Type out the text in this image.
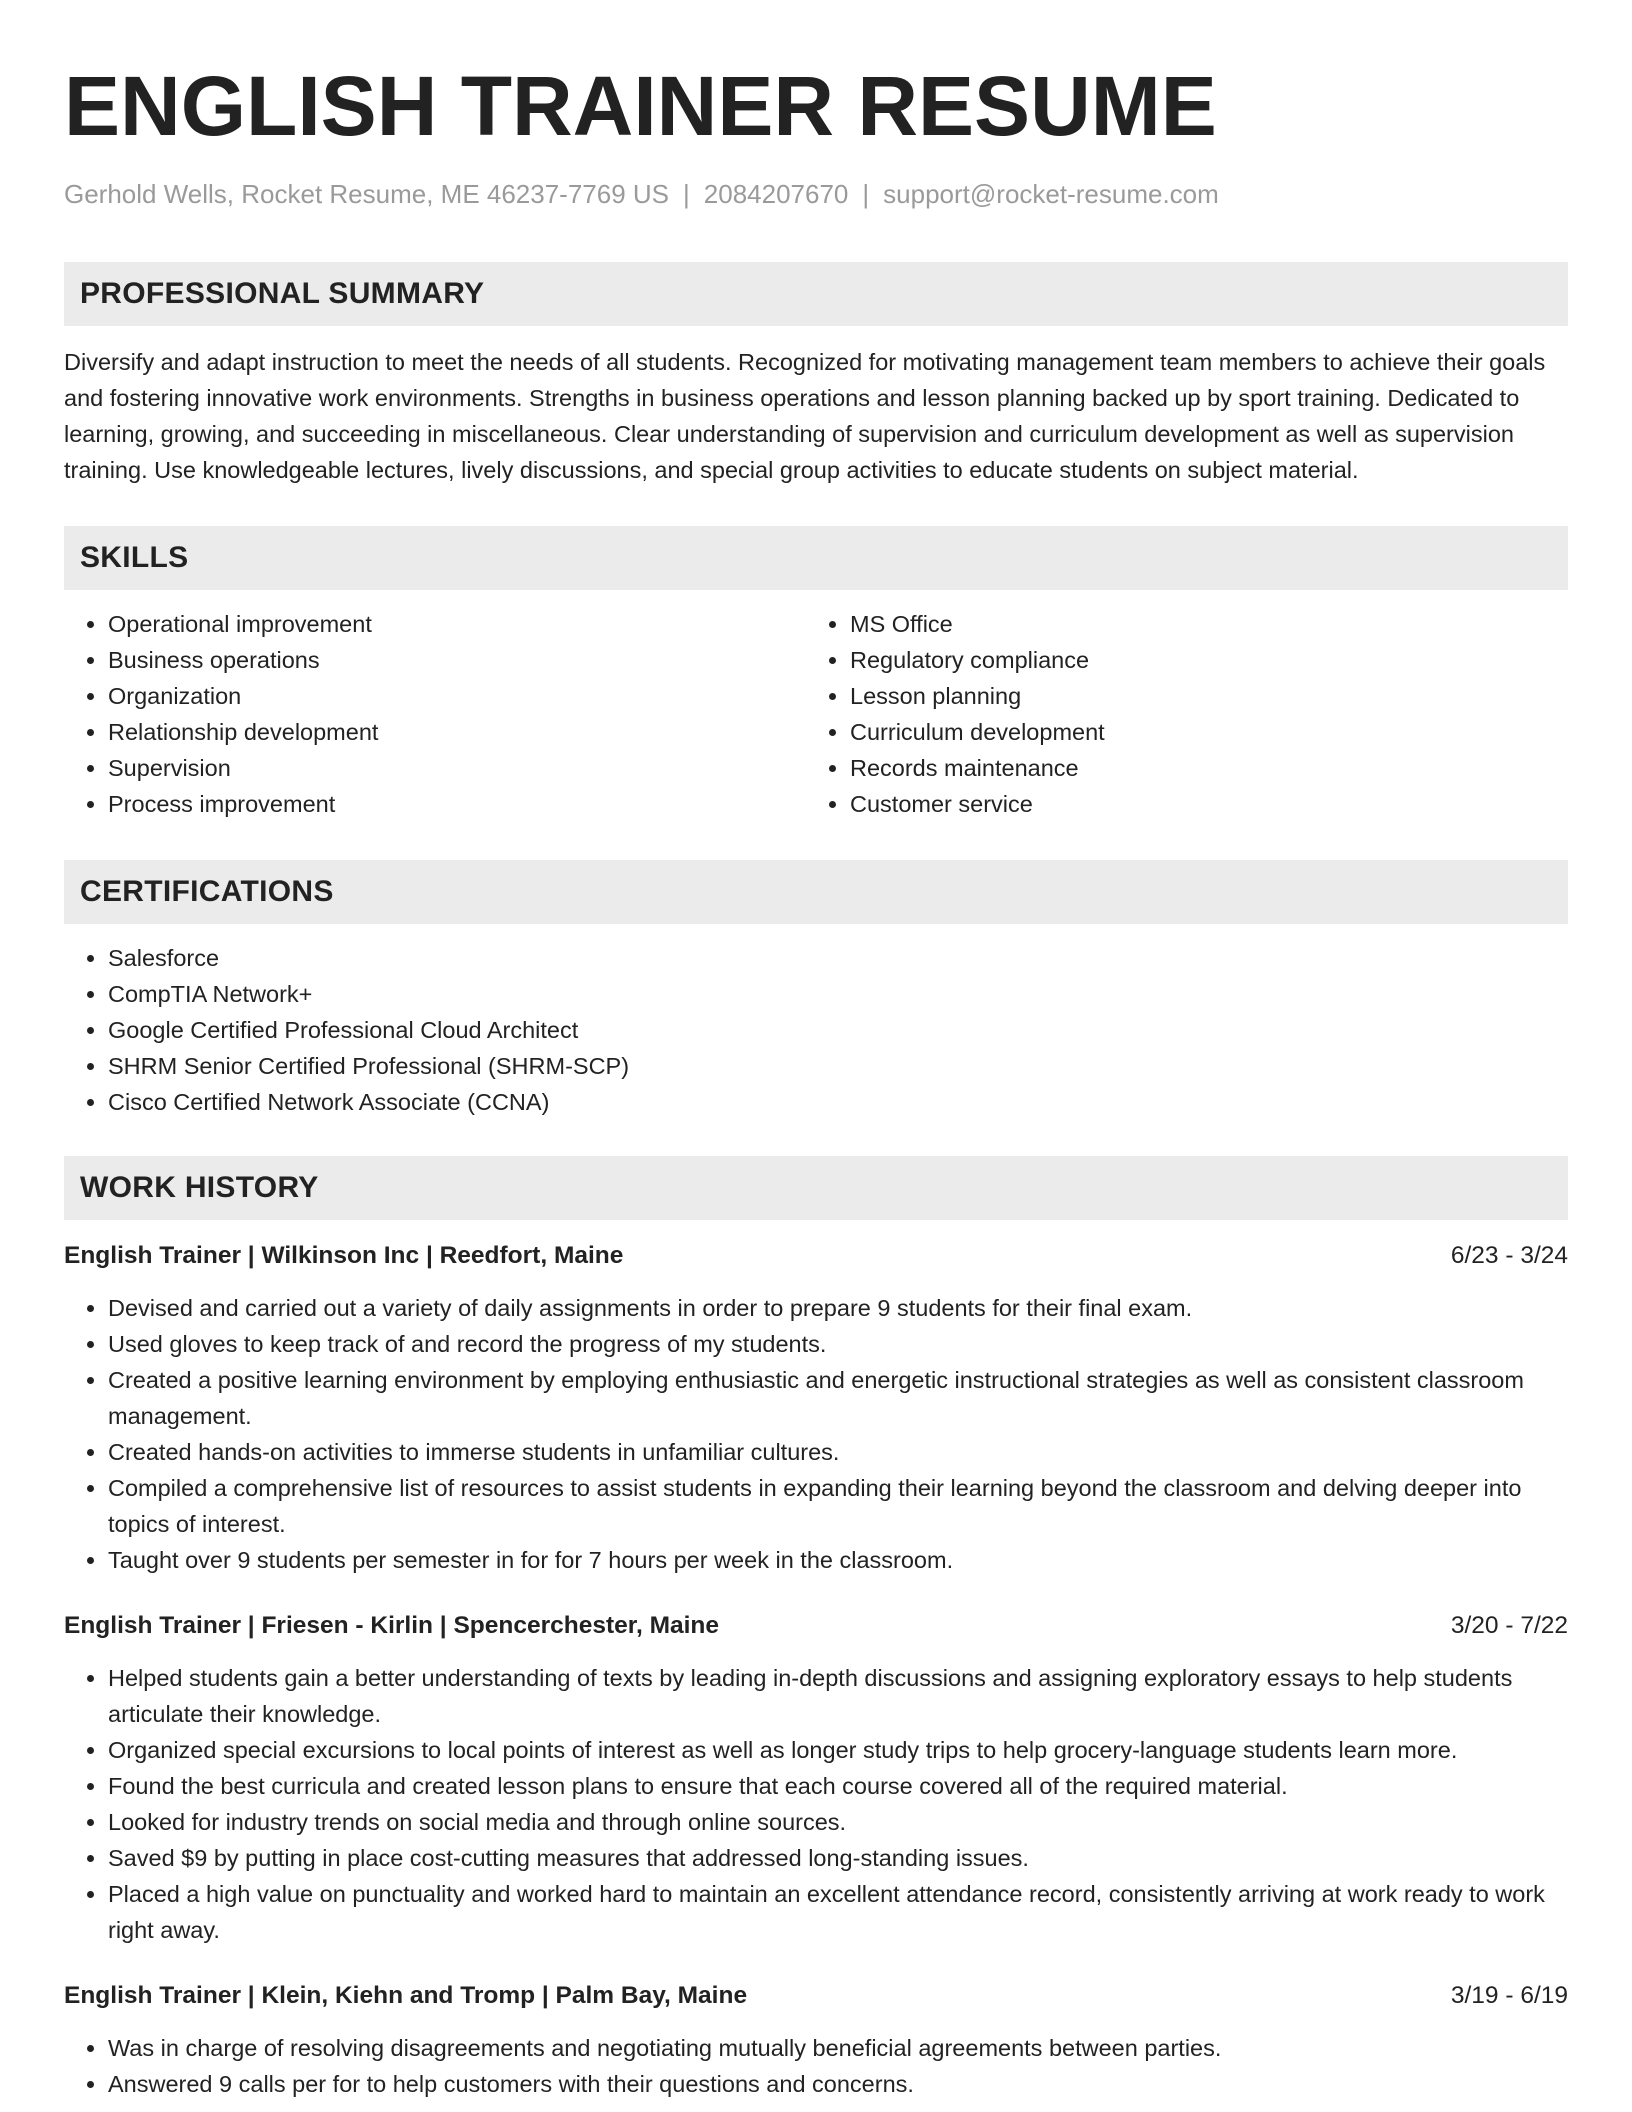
ENGLISH TRAINER RESUME
Gerhold Wells, Rocket Resume, ME 46237-7769 US | 2084207670 | support@rocket-resume.com
PROFESSIONAL SUMMARY

Diversify and adapt instruction to meet the needs of all students. Recognized for motivating management team members to achieve their goals and fostering innovative work environments. Strengths in business operations and lesson planning backed up by sport training. Dedicated to learning, growing, and succeeding in miscellaneous. Clear understanding of supervision and curriculum development as well as supervision training. Use knowledgeable lectures, lively discussions, and special group activities to educate students on subject material.

SKILLS
• Operational improvement
• Business operations
• Organization
• Relationship development
• Supervision
• Process improvement
• MS Office
• Regulatory compliance
• Lesson planning
• Curriculum development
• Records maintenance
• Customer service
CERTIFICATIONS
• Salesforce
• CompTIA Network+
• Google Certified Professional Cloud Architect
• SHRM Senior Certified Professional (SHRM-SCP)
• Cisco Certified Network Associate (CCNA)
WORK HISTORY
English Trainer | Wilkinson Inc | Reedfort, Maine	6/23 - 3/24
• Devised and carried out a variety of daily assignments in order to prepare 9 students for their final exam.
• Used gloves to keep track of and record the progress of my students.
• Created a positive learning environment by employing enthusiastic and energetic instructional strategies as well as consistent classroom management.
• Created hands-on activities to immerse students in unfamiliar cultures.
• Compiled a comprehensive list of resources to assist students in expanding their learning beyond the classroom and delving deeper into topics of interest.
• Taught over 9 students per semester in for for 7 hours per week in the classroom.
English Trainer | Friesen - Kirlin | Spencerchester, Maine	3/20 - 7/22
• Helped students gain a better understanding of texts by leading in-depth discussions and assigning exploratory essays to help students articulate their knowledge.
• Organized special excursions to local points of interest as well as longer study trips to help grocery-language students learn more.
• Found the best curricula and created lesson plans to ensure that each course covered all of the required material.
• Looked for industry trends on social media and through online sources.
• Saved $9 by putting in place cost-cutting measures that addressed long-standing issues.
• Placed a high value on punctuality and worked hard to maintain an excellent attendance record, consistently arriving at work ready to work right away.
English Trainer | Klein, Kiehn and Tromp | Palm Bay, Maine	3/19 - 6/19
• Was in charge of resolving disagreements and negotiating mutually beneficial agreements between parties.
• Answered 9 calls per for to help customers with their questions and concerns.
